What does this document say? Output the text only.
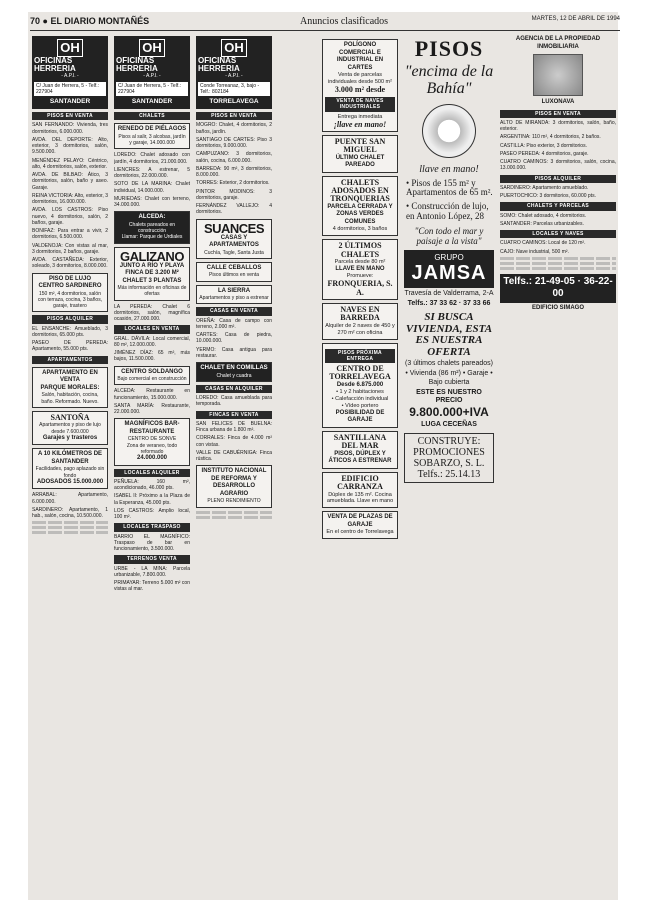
70 ● EL DIARIO MONTAÑÉS	Anuncios clasificados	MARTES, 12 DE ABRIL DE 1994
OH OFICINAS HERRERIA
- A.P.I. -
C/ Juan de Herrera, 5 - Telf.: 227904
SANTANDER
PISOS EN VENTA
SAN FERNANDO: Vivienda, tres dormitorios, 6.000.000.
AVDA. DEL DEPORTE: Alto, exterior, 3 dormitorios, salón, 9.500.000.
MENÉNDEZ PELAYO: Céntrico, alto, 4 dormitorios, salón, exterior.
AVDA. DE BILBAO: Ático, 3 dormitorios, salón, baño y aseo. Garaje.
REINA VICTORIA: Alto, exterior, 3 dormitorios, 16.000.000.
AVDA. LOS CASTROS: Piso nuevo, 4 dormitorios, salón, 2 baños, garaje.
BONIFAZ: Para entrar a vivir, 2 dormitorios, 6.500.000.
VALDENOJA: Con vistas al mar, 3 dormitorios, 2 baños, garaje.
AVDA. CASTAÑEDA: Exterior, soleado, 3 dormitorios, 8.000.000.
PISO DE LUJO
CENTRO SARDINERO
150 m², 4 dormitorios, salón con terraza, cocina, 3 baños, garaje, trastero
PISOS ALQUILER
EL ENSANCHE: Amueblado, 3 dormitorios, 65.000 pts.
PASEO DE PEREDA: Apartamento, 55.000 pts.
APARTAMENTOS
APARTAMENTO EN VENTA
PARQUE MORALES:
Salón, habitación, cocina, baño. Reformado. Nuevo.
SANTOÑA
Apartamentos y piso de lujo desde 7.600.000
Garajes y trasteros
A 10 KILÓMETROS DE SANTANDER
Facilidades, pago aplazado sin fondo
ADOSADOS 15.000.000
ARRABAL: Apartamento, 6.000.000.
SARDINERO: Apartamento, 1 hab., salón, cocina, 10.500.000.
OH OFICINAS HERRERIA
- A.P.I. -
C/ Juan de Herrera, 5 - Telf.: 227904
SANTANDER
CHALETS
RENEDO DE PIÉLAGOS
Pisos al salir, 3 alcobas, jardín y garaje, 14.000.000
LOREDO: Chalet adosado con jardín, 4 dormitorios, 21.000.000.
LIENCRES: A estrenar, 5 dormitorios, 22.000.000.
SOTO DE LA MARINA: Chalet individual, 14.000.000.
MURIEDAS: Chalet con terreno, 34.000.000.
ALCEDA:
Chalets pareados en construcción
Llamar: Parque de Urdiales
GALIZANO
JUNTO A RÍO Y PLAYA
FINCA DE 3.200 M²
CHALET 3 PLANTAS
Más información en oficinas de ofertas
LA PEREDA: Chalet 6 dormitorios, salón, magnífica ocasión, 27.000.000.
LOCALES EN VENTA
GRAL. DÁVILA: Local comercial, 80 m², 12.000.000.
JIMÉNEZ DÍAZ: 65 m², más bajos, 11.500.000.
CENTRO SOLDANGO
Bajo comercial en construcción
ALCEDA: Restaurante en funcionamiento, 15.000.000.
SANTA MARÍA: Restaurante, 22.000.000.
MAGNÍFICOS BAR-RESTAURANTE
CENTRO DE SONVE
Zona de veraneo, todo reformado
24.000.000
LOCALES ALQUILER
PEÑUELA: 160 m², acondicionado, 46.000 pts.
ISABEL II: Próximo a la Plaza de la Esperanza, 45.000 pts.
LOS CASTROS: Amplio local, 100 m².
LOCALES TRASPASO
BARRIO EL MAGNÍFICO: Traspaso de bar en funcionamiento, 3.500.000.
TERRENOS VENTA
URBE - LA MINA: Parcela urbanizable, 7.800.000.
PRIMAYAR: Terreno 5.000 m² con vistas al mar.
OH OFICINAS HERRERIA
- A.P.I. -
Conde Torreanaz, 3, bajo - Telf.: 802184
TORRELAVEGA
PISOS EN VENTA
MOGRO: Chalet, 4 dormitorios, 2 baños, jardín.
SANTIAGO DE CARTES: Piso 3 dormitorios, 9.000.000.
CAMPUZANO: 3 dormitorios, salón, cocina, 6.000.000.
BARREDA: 90 m², 3 dormitorios, 8.000.000.
TORRES: Exterior, 2 dormitorios.
PINTOR MODINOS: 3 dormitorios, garaje.
FERNÁNDEZ VALLEJO: 4 dormitorios.
SUANCES
CASAS Y APARTAMENTOS
Cuchía, Tagle, Santa Justa
CALLE CEBALLOS
Pisos últimos en venta
LA SIERRA
Apartamentos y piso a estrenar
CASAS EN VENTA
OREÑA: Casa de campo con terreno, 2.000 m².
CARTES: Casa de piedra, 10.000.000.
YERMO: Casa antigua para restaurar.
CHALET EN COMILLAS
Chalet y cuadra
CASAS EN ALQUILER
LOREDO: Casa amueblada para temporada.
FINCAS EN VENTA
SAN FELICES DE BUELNA: Finca urbana de 1.800 m².
CORRALES: Finca de 4.000 m² con vistas.
VALLE DE CABUÉRNIGA: Finca rústica.
INSTITUTO NACIONAL DE REFORMA Y DESARROLLO AGRARIO
PLENO RENDIMIENTO
POLÍGONO COMERCIAL E INDUSTRIAL EN CARTES
Venta de parcelas individuales desde 500 m²
3.000 m² desde
VENTA DE NAVES INDUSTRIALES
Entrega inmediata
¡llave en mano!
PUENTE SAN MIGUEL
ÚLTIMO CHALET PAREADO
CHALETS ADOSADOS EN TRONQUERIAS
PARCELA CERRADA Y ZONAS VERDES COMUNES
4 dormitorios, 3 baños
2 ÚLTIMOS CHALETS
Parcela desde 80 m²
LLAVE EN MANO
Promueve:
FRONQUERIA, S. A.
NAVES EN BARREDA
Alquiler de 2 naves de 450 y 270 m² con oficina
PISOS PRÓXIMA ENTREGA
CENTRO DE TORRELAVEGA
Desde 6.875.000
• 1 y 2 habitaciones
• Calefacción individual
• Vídeo portero
POSIBILIDAD DE GARAJE
SANTILLANA DEL MAR
PISOS, DÚPLEX Y ÁTICOS A ESTRENAR
EDIFICIO CARRANZA
Dúplex de 135 m². Cocina amueblada. Llave en mano
VENTA DE PLAZAS DE GARAJE
En el centro de Torrelavega
PISOS
"encima de la Bahía"
llave en mano!
• Pisos de 155 m² y Apartamentos de 65 m².
• Construcción de lujo, en Antonio López, 28
"Con todo el mar y paisaje a la vista"
GRUPO
JAMSA
Travesía de Valderrama, 2-A
Telfs.: 37 33 62 · 37 33 66
SI BUSCA VIVIENDA, ESTA ES NUESTRA OFERTA
(3 últimos chalets pareados)
• Vivienda (86 m²) • Garaje • Bajo cubierta
ESTE ES NUESTRO PRECIO
9.800.000+IVA
LUGA CECEÑAS
CONSTRUYE: PROMOCIONES SOBARZO, S. L. Telfs.: 25.14.13
AGENCIA DE LA PROPIEDAD INMOBILIARIA
LUXONAVA
PISOS EN VENTA
ALTO DE MIRANDA: 3 dormitorios, salón, baño, exterior.
ARGENTINA: 110 m², 4 dormitorios, 2 baños.
CASTILLA: Piso exterior, 3 dormitorios.
PASEO PEREDA: 4 dormitorios, garaje.
CUATRO CAMINOS: 3 dormitorios, salón, cocina, 13.000.000.
PISOS ALQUILER
SARDINERO: Apartamento amueblado.
PUERTOCHICO: 3 dormitorios, 60.000 pts.
CHALETS Y PARCELAS
SOMO: Chalet adosado, 4 dormitorios.
SANTANDER: Parcelas urbanizables.
LOCALES Y NAVES
CUATRO CAMINOS: Local de 120 m².
CAJO: Nave industrial, 500 m².
Telfs.: 21-49-05 · 36-22-00
EDIFICIO SIMAGO
